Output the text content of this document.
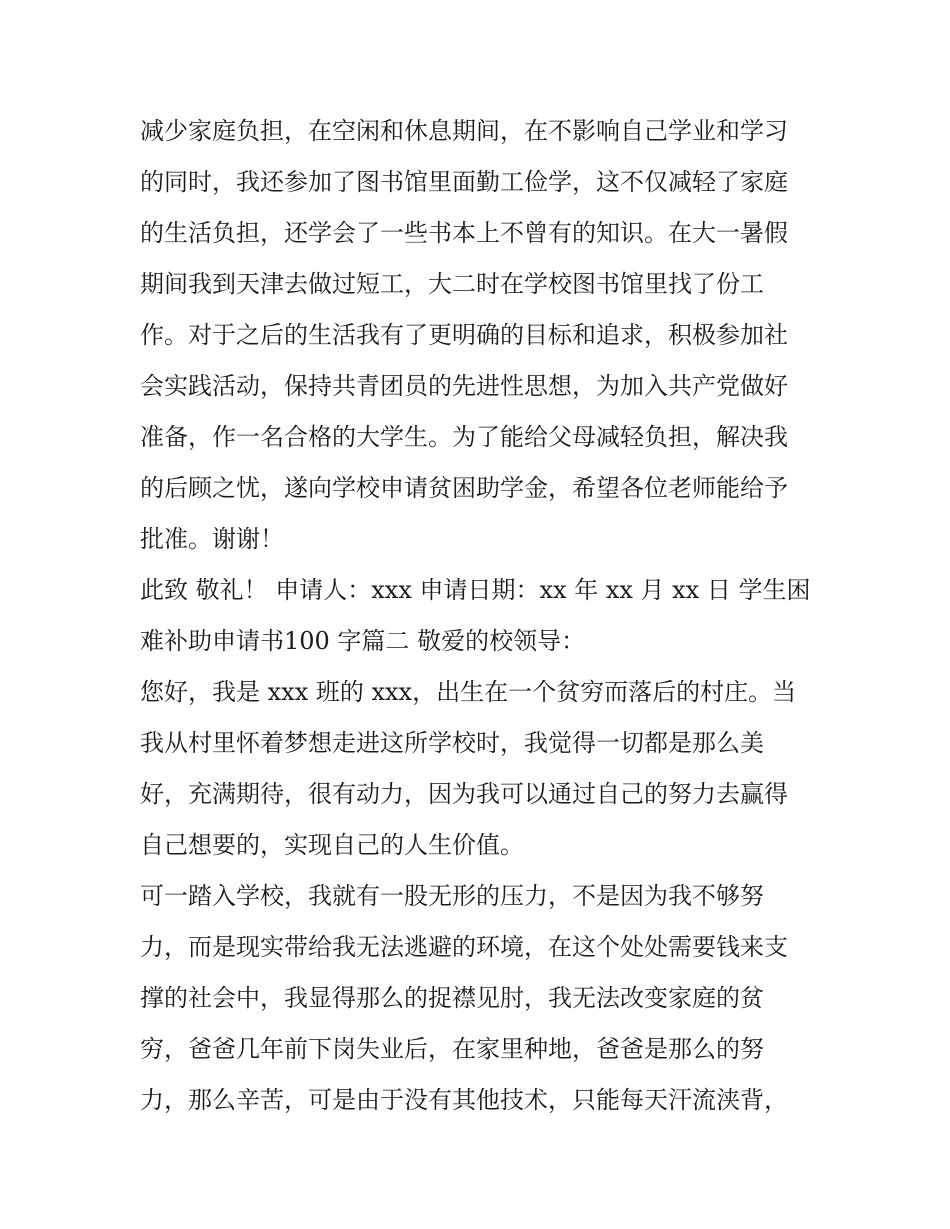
减少家庭负担，在空闲和休息期间，在不影响自己学业和学习
的同时，我还参加了图书馆里面勤工俭学，这不仅减轻了家庭
的生活负担，还学会了一些书本上不曾有的知识。在大一暑假
期间我到天津去做过短工，大二时在学校图书馆里找了份工
作。对于之后的生活我有了更明确的目标和追求，积极参加社
会实践活动，保持共青团员的先进性思想，为加入共产党做好
准备，作一名合格的大学生。为了能给父母减轻负担，解决我
的后顾之忧，遂向学校申请贫困助学金，希望各位老师能给予
批准。谢谢！
此致 敬礼！ 申请人：xxx 申请日期：xx 年 xx 月 xx 日 学生困
难补助申请书100 字篇二 敬爱的校领导：
您好，我是 xxx 班的 xxx，出生在一个贫穷而落后的村庄。当
我从村里怀着梦想走进这所学校时，我觉得一切都是那么美
好，充满期待，很有动力，因为我可以通过自己的努力去赢得
自己想要的，实现自己的人生价值。
可一踏入学校，我就有一股无形的压力，不是因为我不够努
力，而是现实带给我无法逃避的环境，在这个处处需要钱来支
撑的社会中，我显得那么的捉襟见肘，我无法改变家庭的贫
穷，爸爸几年前下岗失业后，在家里种地，爸爸是那么的努
力，那么辛苦，可是由于没有其他技术，只能每天汗流浃背，
